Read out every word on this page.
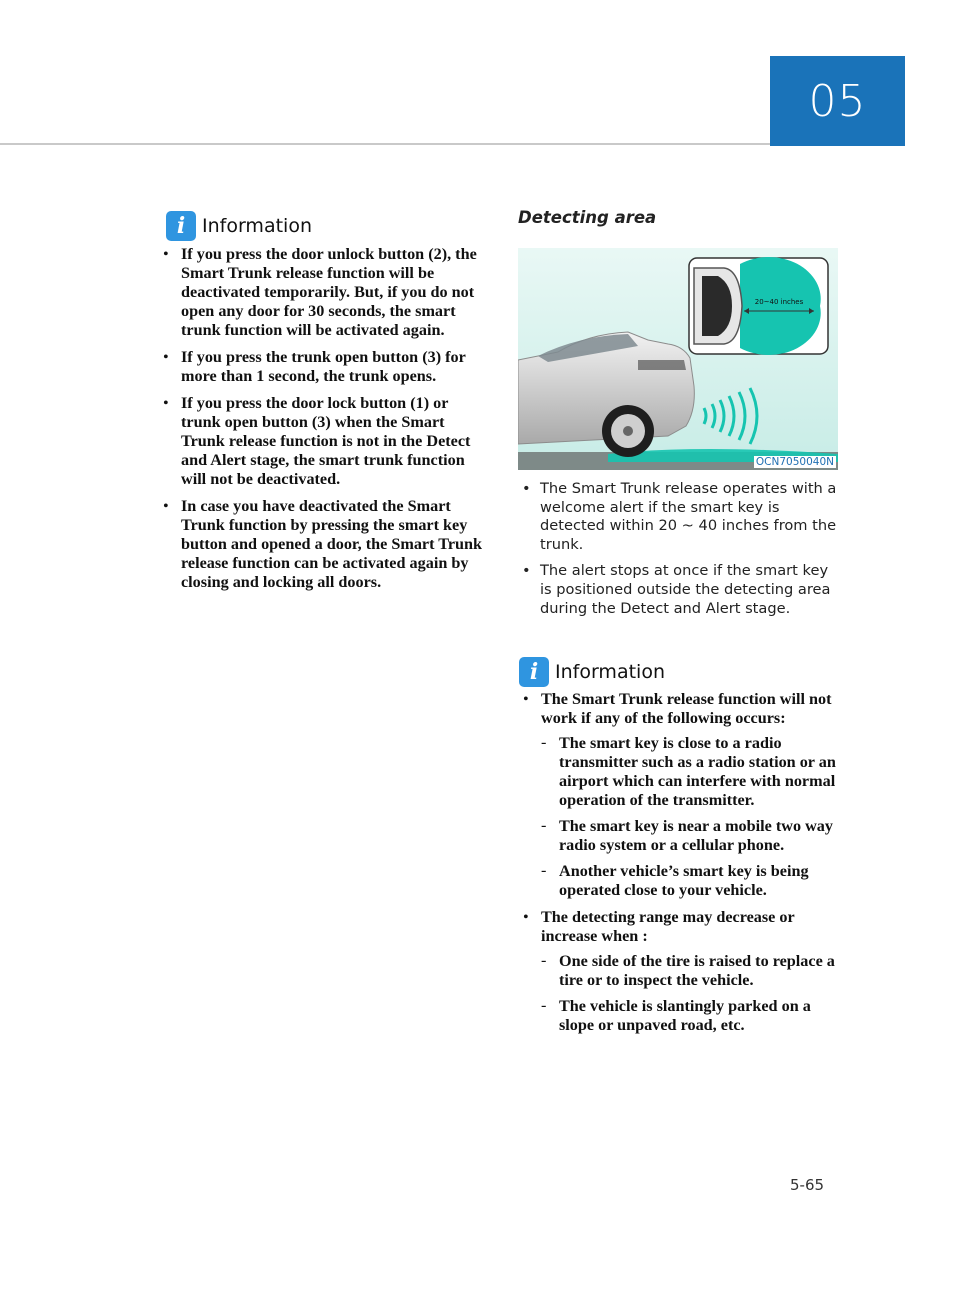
05
i Information
• If you press the door unlock button (2), the Smart Trunk release function will be deactivated temporarily. But, if you do not open any door for 30 seconds, the smart trunk function will be activated again.
• If you press the trunk open button (3) for more than 1 second, the trunk opens.
• If you press the door lock button (1) or trunk open button (3) when the Smart Trunk release function is not in the Detect and Alert stage, the smart trunk function will not be deactivated.
• In case you have deactivated the Smart Trunk function by pressing the smart key button and opened a door, the Smart Trunk release function can be activated again by closing and locking all doors.
Detecting area
20~40 inches
OCN7050040N
• The Smart Trunk release operates with a welcome alert if the smart key is detected within 20 ~ 40 inches from the trunk.
• The alert stops at once if the smart key is positioned outside the detecting area during the Detect and Alert stage.
i Information
• The Smart Trunk release function will not work if any of the following occurs:
- The smart key is close to a radio transmitter such as a radio station or an airport which can interfere with normal operation of the transmitter.
- The smart key is near a mobile two way radio system or a cellular phone.
- Another vehicle’s smart key is being operated close to your vehicle.
• The detecting range may decrease or increase when :
- One side of the tire is raised to replace a tire or to inspect the vehicle.
- The vehicle is slantingly parked on a slope or unpaved road, etc.
5-65
